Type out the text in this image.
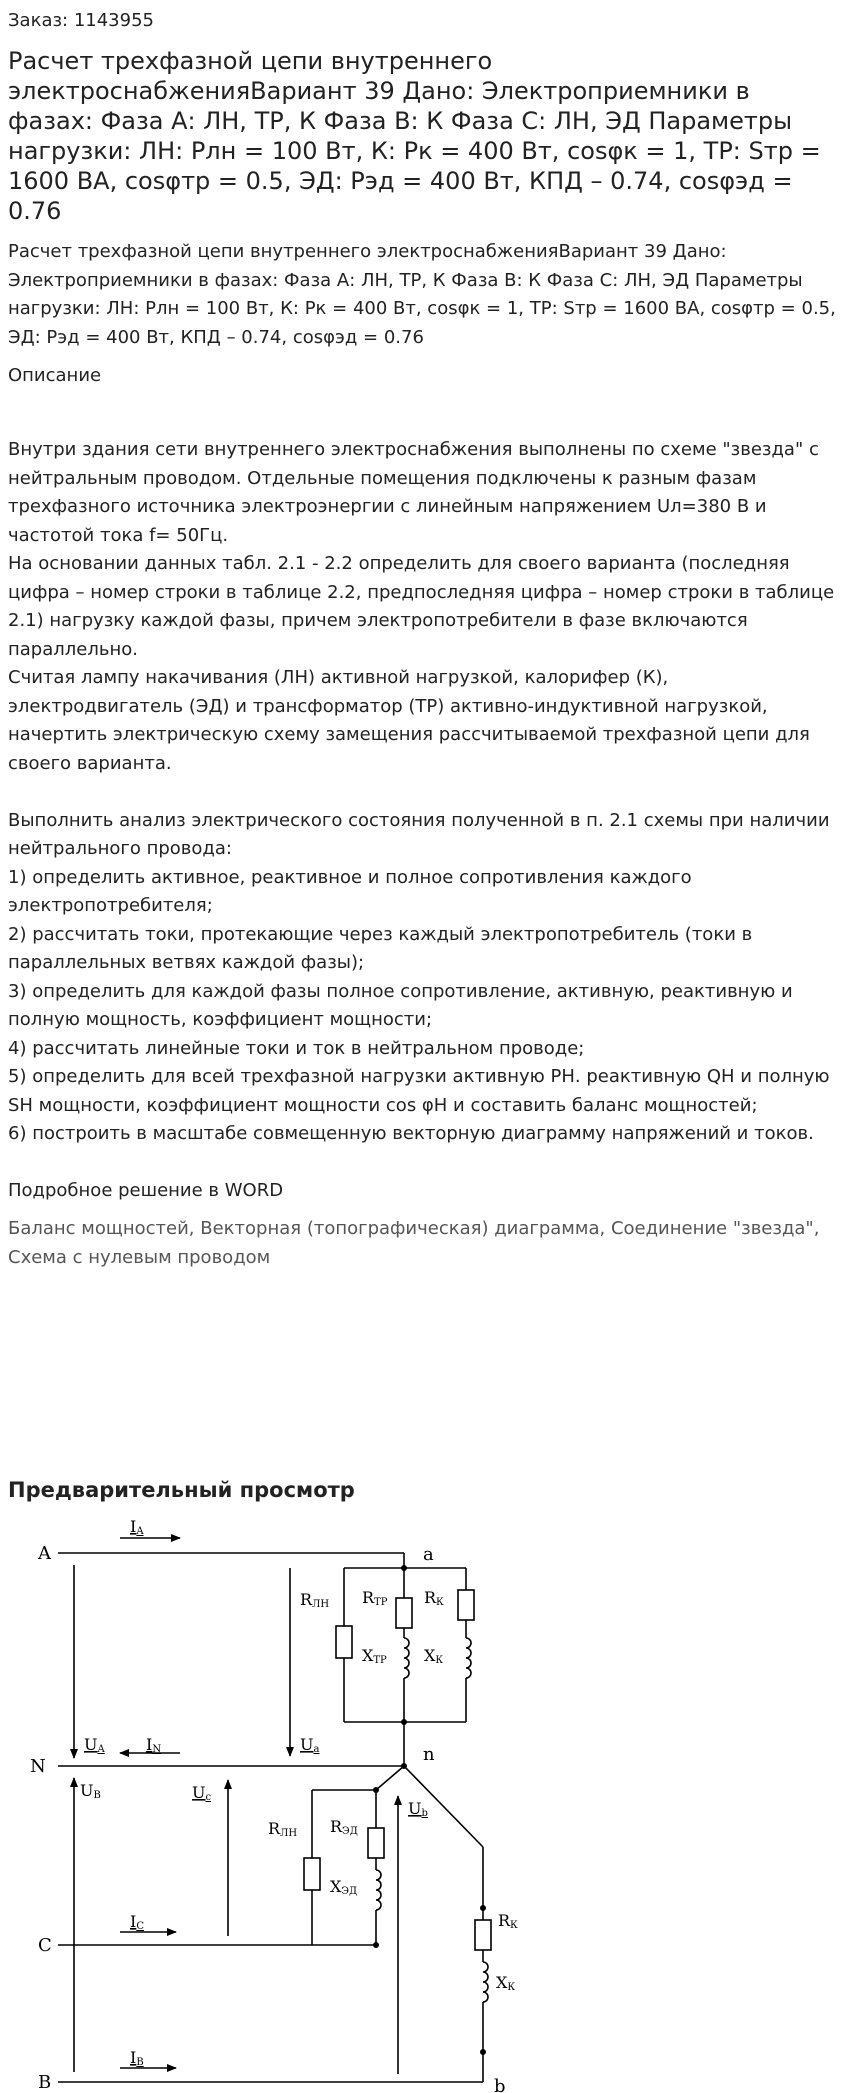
Заказ: 1143955
Расчет трехфазной цепи внутреннего электроснабженияВариант 39 Дано: Электроприемники в фазах: Фаза А: ЛН, ТР, К Фаза В: К Фаза С: ЛН, ЭД Параметры нагрузки: ЛН: Рлн = 100 Вт, К: Рк = 400 Вт, cosφк = 1, ТР: Sтр = 1600 ВА, cosφтр = 0.5, ЭД: Рэд = 400 Вт, КПД – 0.74, cosφэд = 0.76

Расчет трехфазной цепи внутреннего электроснабженияВариант 39 Дано: Электроприемники в фазах: Фаза А: ЛН, ТР, К Фаза В: К Фаза С: ЛН, ЭД Параметры нагрузки: ЛН: Рлн = 100 Вт, К: Рк = 400 Вт, cosφк = 1, ТР: Sтр = 1600 ВА, cosφтр = 0.5, ЭД: Рэд = 400 Вт, КПД – 0.74, cosφэд = 0.76

Описание

Внутри здания сети внутреннего электроснабжения выполнены по схеме "звезда" с нейтральным проводом. Отдельные помещения подключены к разным фазам трехфазного источника электроэнергии с линейным напряжением Uл=380 В и частотой тока f= 50Гц.

На основании данных табл. 2.1 - 2.2 определить для своего варианта (последняя цифра – номер строки в таблице 2.2, предпоследняя цифра – номер строки в таблице 2.1) нагрузку каждой фазы, причем электропотребители в фазе включаются параллельно.

Считая лампу накачивания (ЛН) активной нагрузкой, калорифер (К), электродвигатель (ЭД) и трансформатор (ТР) активно-индуктивной нагрузкой, начертить электрическую схему замещения рассчитываемой трехфазной цепи для своего варианта.

Выполнить анализ электрического состояния полученной в п. 2.1 схемы при наличии нейтрального провода:

1) определить активное, реактивное и полное сопротивления каждого электропотребителя;

2) рассчитать токи, протекающие через каждый электропотребитель (токи в параллельных ветвях каждой фазы);

3) определить для каждой фазы полное сопротивление, активную, реактивную и полную мощность, коэффициент мощности;

4) рассчитать линейные токи и ток в нейтральном проводе;

5) определить для всей трехфазной нагрузки активную PН. реактивную QН и полную SН мощности, коэффициент мощности cos φН и составить баланс мощностей;

6) построить в масштабе совмещенную векторную диаграмму напряжений и токов.

Подробное решение в WORD

Баланс мощностей, Векторная (топографическая) диаграмма, Соединение "звезда", Схема с нулевым проводом
Предварительный просмотр
A
N
C
B
a
n
b
IA
IN
IC
IB
UA	Ua
UB	Uc
Ub
RЛН RТР
XТР
RК
XК
RЛН RЭД
XЭД
RК
XК
